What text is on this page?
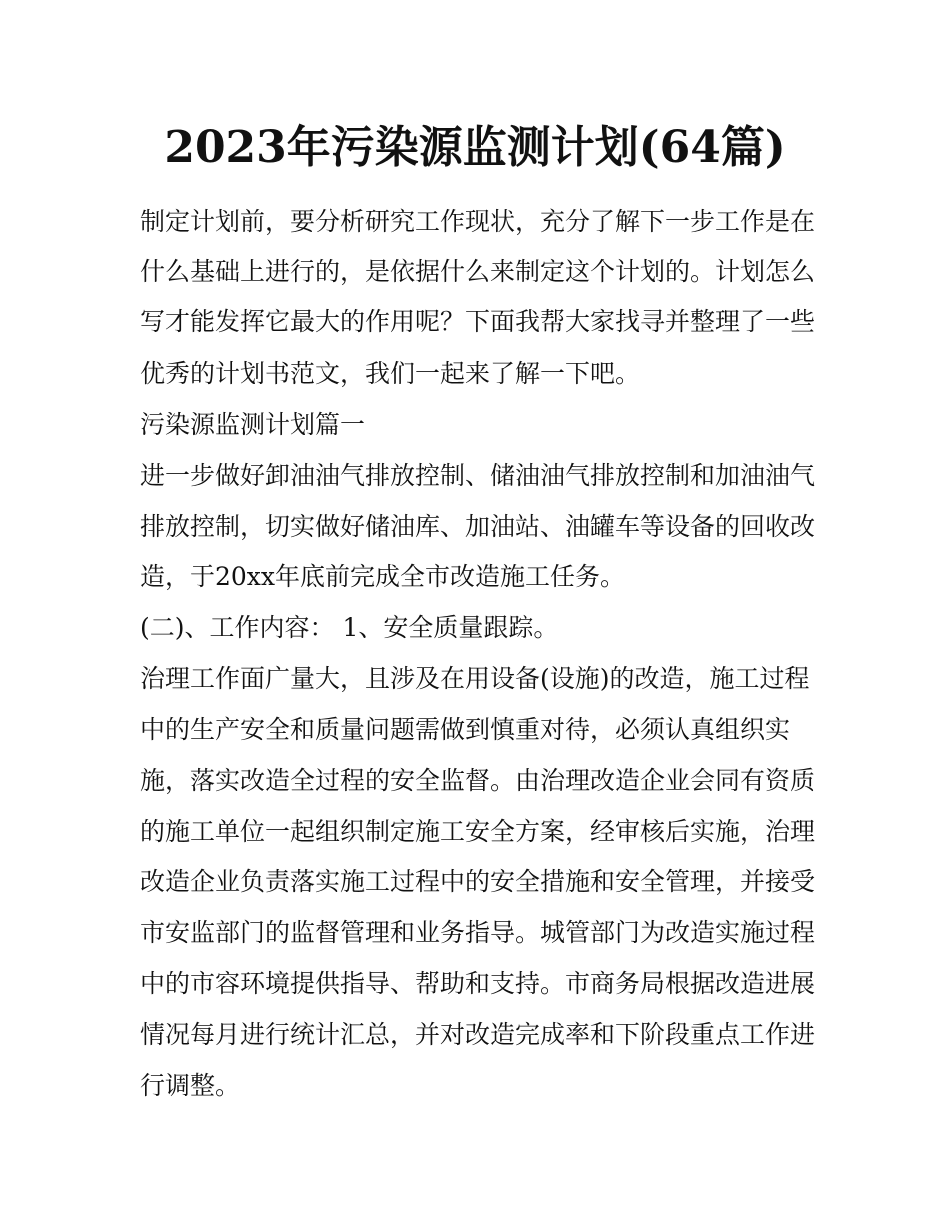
2023年污染源监测计划(64篇)
制定计划前，要分析研究工作现状，充分了解下一步工作是在
什么基础上进行的，是依据什么来制定这个计划的。计划怎么
写才能发挥它最大的作用呢？下面我帮大家找寻并整理了一些
优秀的计划书范文，我们一起来了解一下吧。
污染源监测计划篇一
进一步做好卸油油气排放控制、储油油气排放控制和加油油气
排放控制，切实做好储油库、加油站、油罐车等设备的回收改
造，于20xx年底前完成全市改造施工任务。
(二)、工作内容： 1、安全质量跟踪。
治理工作面广量大，且涉及在用设备(设施)的改造，施工过程
中的生产安全和质量问题需做到慎重对待，必须认真组织实
施，落实改造全过程的安全监督。由治理改造企业会同有资质
的施工单位一起组织制定施工安全方案，经审核后实施，治理
改造企业负责落实施工过程中的安全措施和安全管理，并接受
市安监部门的监督管理和业务指导。城管部门为改造实施过程
中的市容环境提供指导、帮助和支持。市商务局根据改造进展
情况每月进行统计汇总，并对改造完成率和下阶段重点工作进
行调整。
